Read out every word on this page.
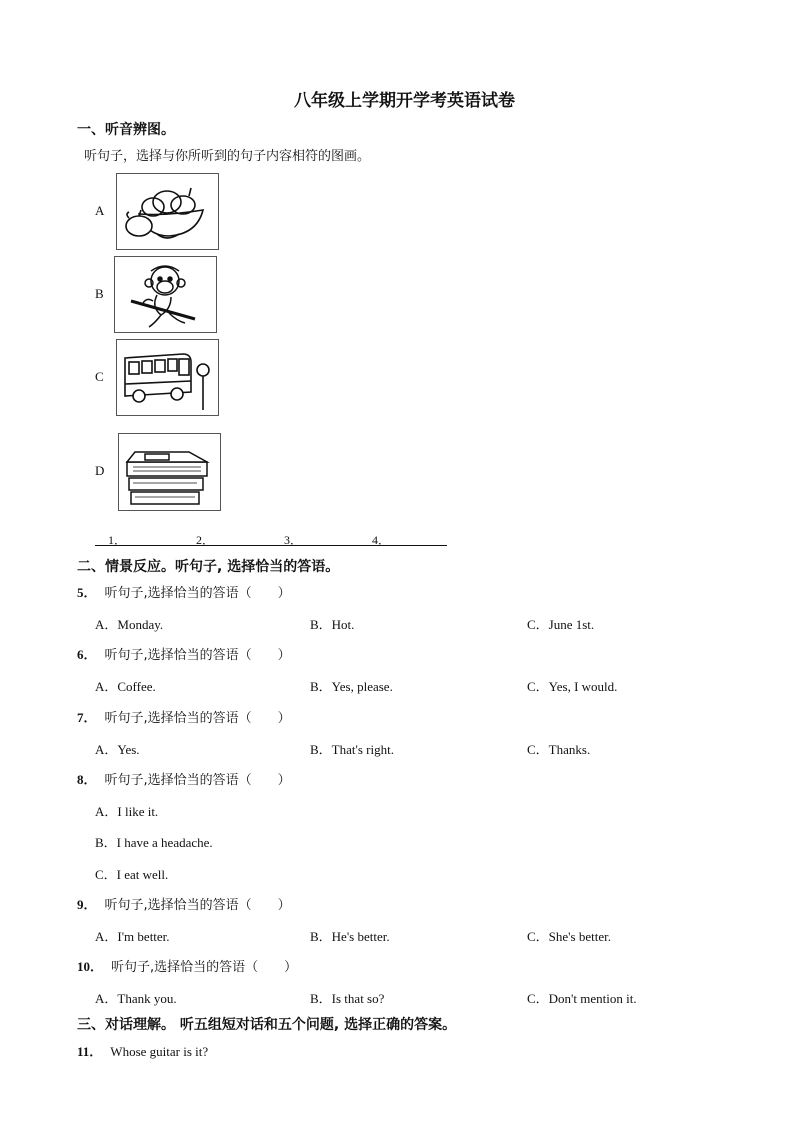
八年级上学期开学考英语试卷
一、听音辨图。
听句子，选择与你所听到的句子内容相符的图画。
A
B
C
D
1．	2．	3．	4．
二、情景反应。听句子, 选择恰当的答语。
5． 听句子,选择恰当的答语（　　）
A．Monday.	B．Hot.	C．June 1st.
6． 听句子,选择恰当的答语（　　）
A．Coffee.	B．Yes, please.	C．Yes, I would.
7． 听句子,选择恰当的答语（　　）
A．Yes.	B．That's right.	C．Thanks.
8． 听句子,选择恰当的答语（　　）
A．I like it.
B．I have a headache.
C．I eat well.
9． 听句子,选择恰当的答语（　　）
A．I'm better.	B．He's better.	C．She's better.
10． 听句子,选择恰当的答语（　　）
A．Thank you.	B．Is that so?	C．Don't mention it.
三、对话理解。 听五组短对话和五个问题, 选择正确的答案。
11． Whose guitar is it?
